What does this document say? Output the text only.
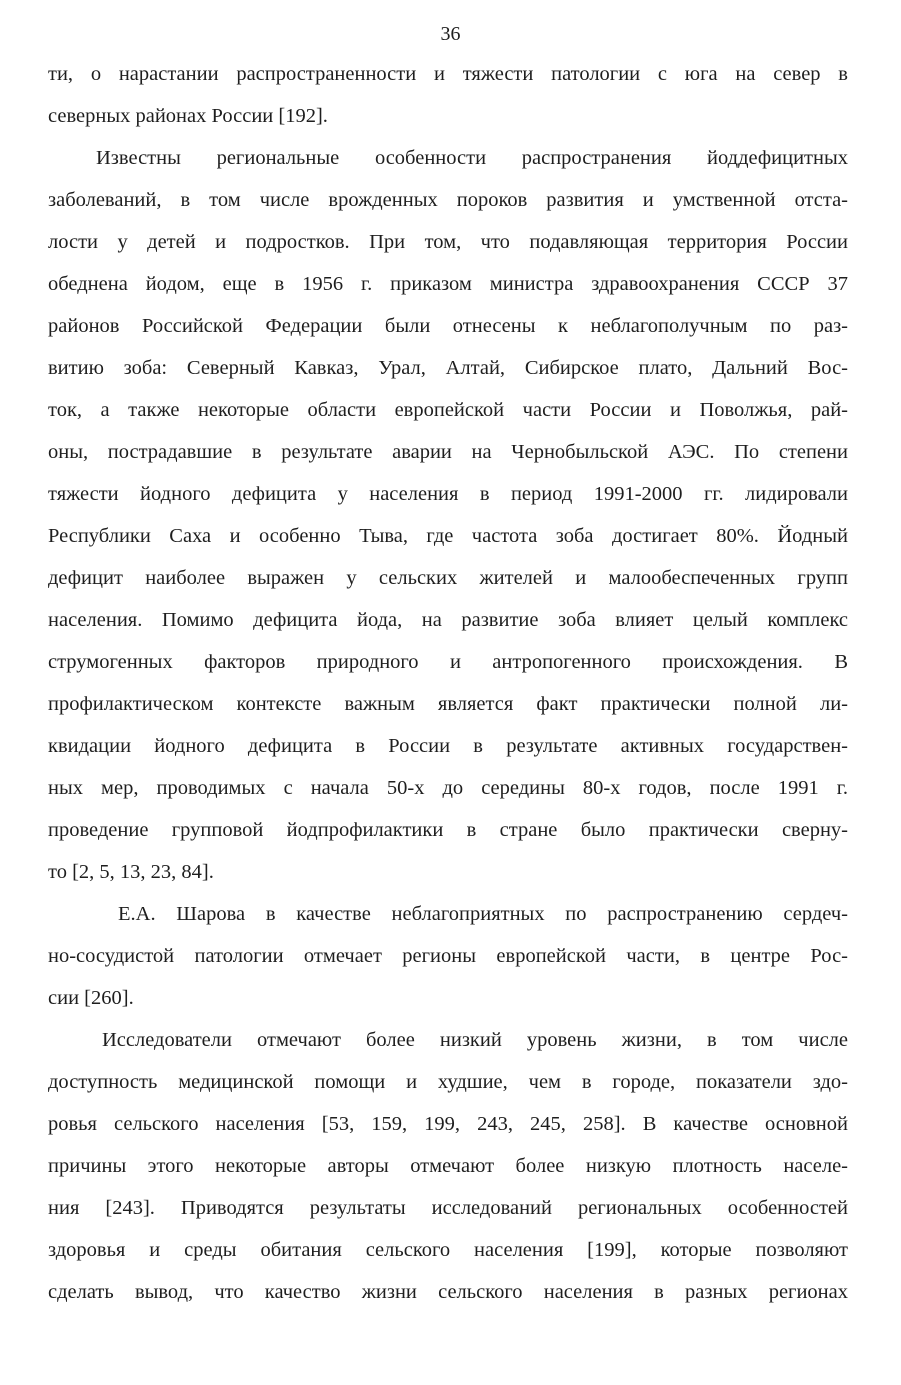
36
ти, о нарастании распространенности и тяжести патологии с юга на север в
северных районах России [192].
Известны региональные особенности распространения йоддефицитных
заболеваний, в том числе врожденных пороков развития и умственной отста-
лости у детей и подростков. При том, что подавляющая территория России
обеднена йодом, еще в 1956 г. приказом министра здравоохранения СССР 37
районов Российской Федерации были отнесены к неблагополучным по раз-
витию зоба: Северный Кавказ, Урал, Алтай, Сибирское плато, Дальний Вос-
ток, а также некоторые области европейской части России и Поволжья, рай-
оны, пострадавшие в результате аварии на Чернобыльской АЭС. По степени
тяжести йодного дефицита у населения в период 1991-2000 гг. лидировали
Республики Саха и особенно Тыва, где частота зоба достигает 80%. Йодный
дефицит наиболее выражен у сельских жителей и малообеспеченных групп
населения. Помимо дефицита йода, на развитие зоба влияет целый комплекс
струмогенных факторов природного и антропогенного происхождения. В
профилактическом контексте важным является факт практически полной ли-
квидации йодного дефицита в России в результате активных государствен-
ных мер, проводимых с начала 50-х до середины 80-х годов, после 1991 г.
проведение групповой йодпрофилактики в стране было практически сверну-
то [2, 5, 13, 23, 84].
Е.А. Шарова в качестве неблагоприятных по распространению сердеч-
но-сосудистой патологии отмечает регионы европейской части, в центре Рос-
сии [260].
Исследователи отмечают более низкий уровень жизни, в том числе
доступность медицинской помощи и худшие, чем в городе, показатели здо-
ровья сельского населения [53, 159, 199, 243, 245, 258]. В качестве основной
причины этого некоторые авторы отмечают более низкую плотность населе-
ния [243]. Приводятся результаты исследований региональных особенностей
здоровья и среды обитания сельского населения [199], которые позволяют
сделать вывод, что качество жизни сельского населения в разных регионах
